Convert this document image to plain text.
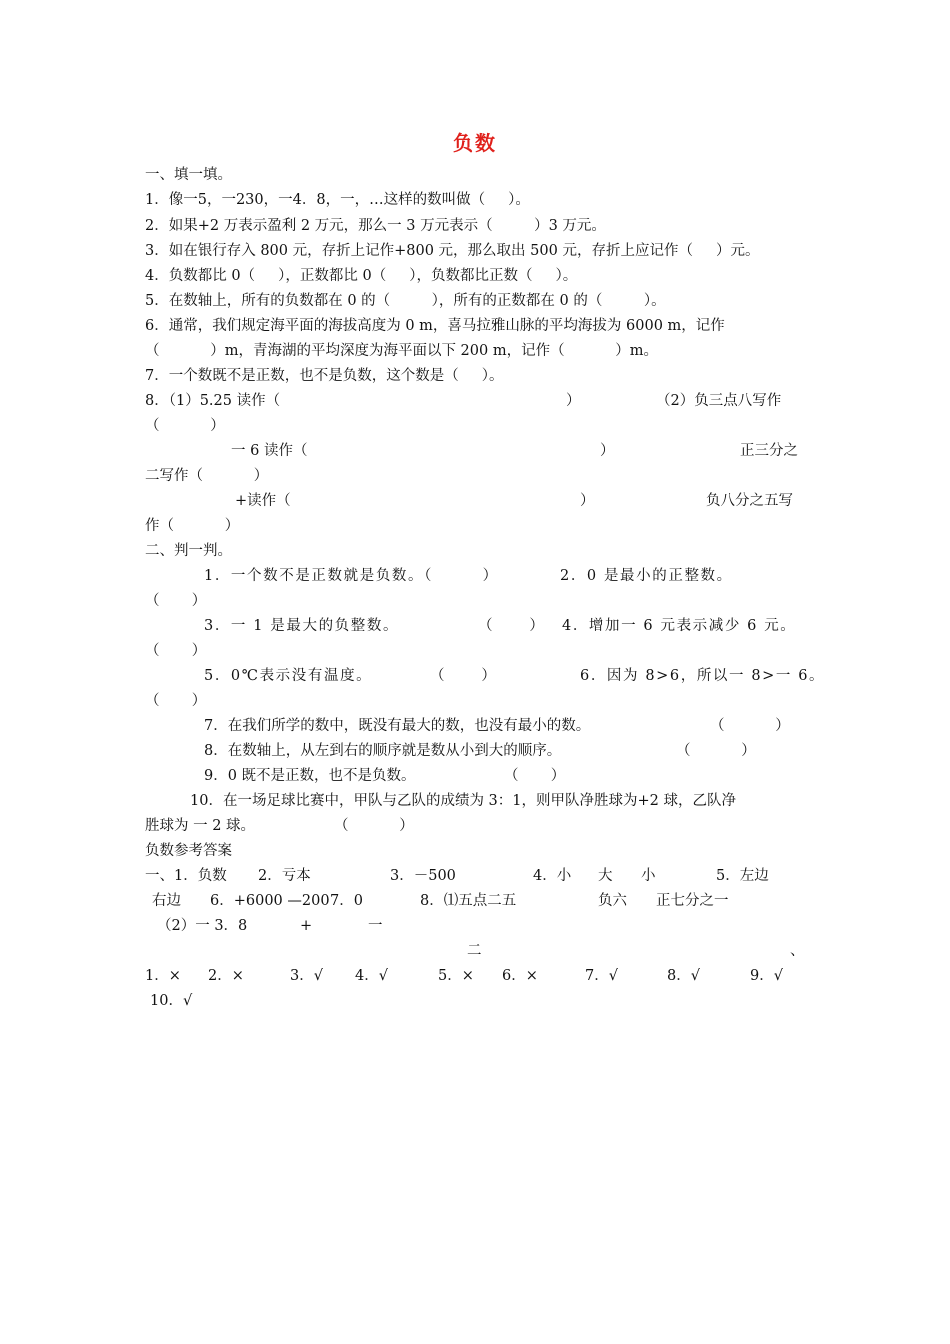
负数
一、填一填。
1．像一5，一230，一4．8，一，…这样的数叫做（     ）。
2．如果+2 万表示盈利 2 万元，那么一 3 万元表示（         ）3 万元。
3．如在银行存入 800 元，存折上记作+800 元，那么取出 500 元，存折上应记作（     ）元。
4．负数都比 0（     ），正数都比 0（     ），负数都比正数（     ）。
5．在数轴上，所有的负数都在 0 的（         ），所有的正数都在 0 的（         ）。
6．通常，我们规定海平面的海拔高度为 0 m，喜马拉雅山脉的平均海拔为 6000 m，记作
（           ）m，青海湖的平均深度为海平面以下 200 m，记作（           ）m。
7．一个数既不是正数，也不是负数，这个数是（     ）。
8．（1）5.25 读作（	）	（2）负三点八写作
（           ）
一 6 读作（	）	正三分之
二写作（           ）
+读作（	）	负八分之五写
作（           ）
二、判一判。
1．一个数不是正数就是负数。（        ）	2．0 是最小的正整数。
（       ）
3．一 1 是最大的负整数。	（        ） 4．增加一 6 元表示减少 6 元。
（       ）
5．0℃表示没有温度。	（        ）	6．因为 8>6，所以一 8>一 6。
（       ）
7．在我们所学的数中，既没有最大的数，也没有最小的数。	（           ）
8．在数轴上，从左到右的顺序就是数从小到大的顺序。	（           ）
9．0 既不是正数，也不是负数。	（       ）
10．在一场足球比赛中，甲队与乙队的成绩为 3：1，则甲队净胜球为+2 球，乙队净
胜球为 一 2 球。	（           ）
负数参考答案
一、1．负数 2．亏本	3．－500	4．小 大 小	5．左边
右边 6．+6000 —200 7．0	8．⑴五点二五	负六 正七分之一
（2）一 3．8	+	一
二	、
1．× 2．×	3．√ 4．√	5．× 6．×	7．√	8．√	9．√
10．√
